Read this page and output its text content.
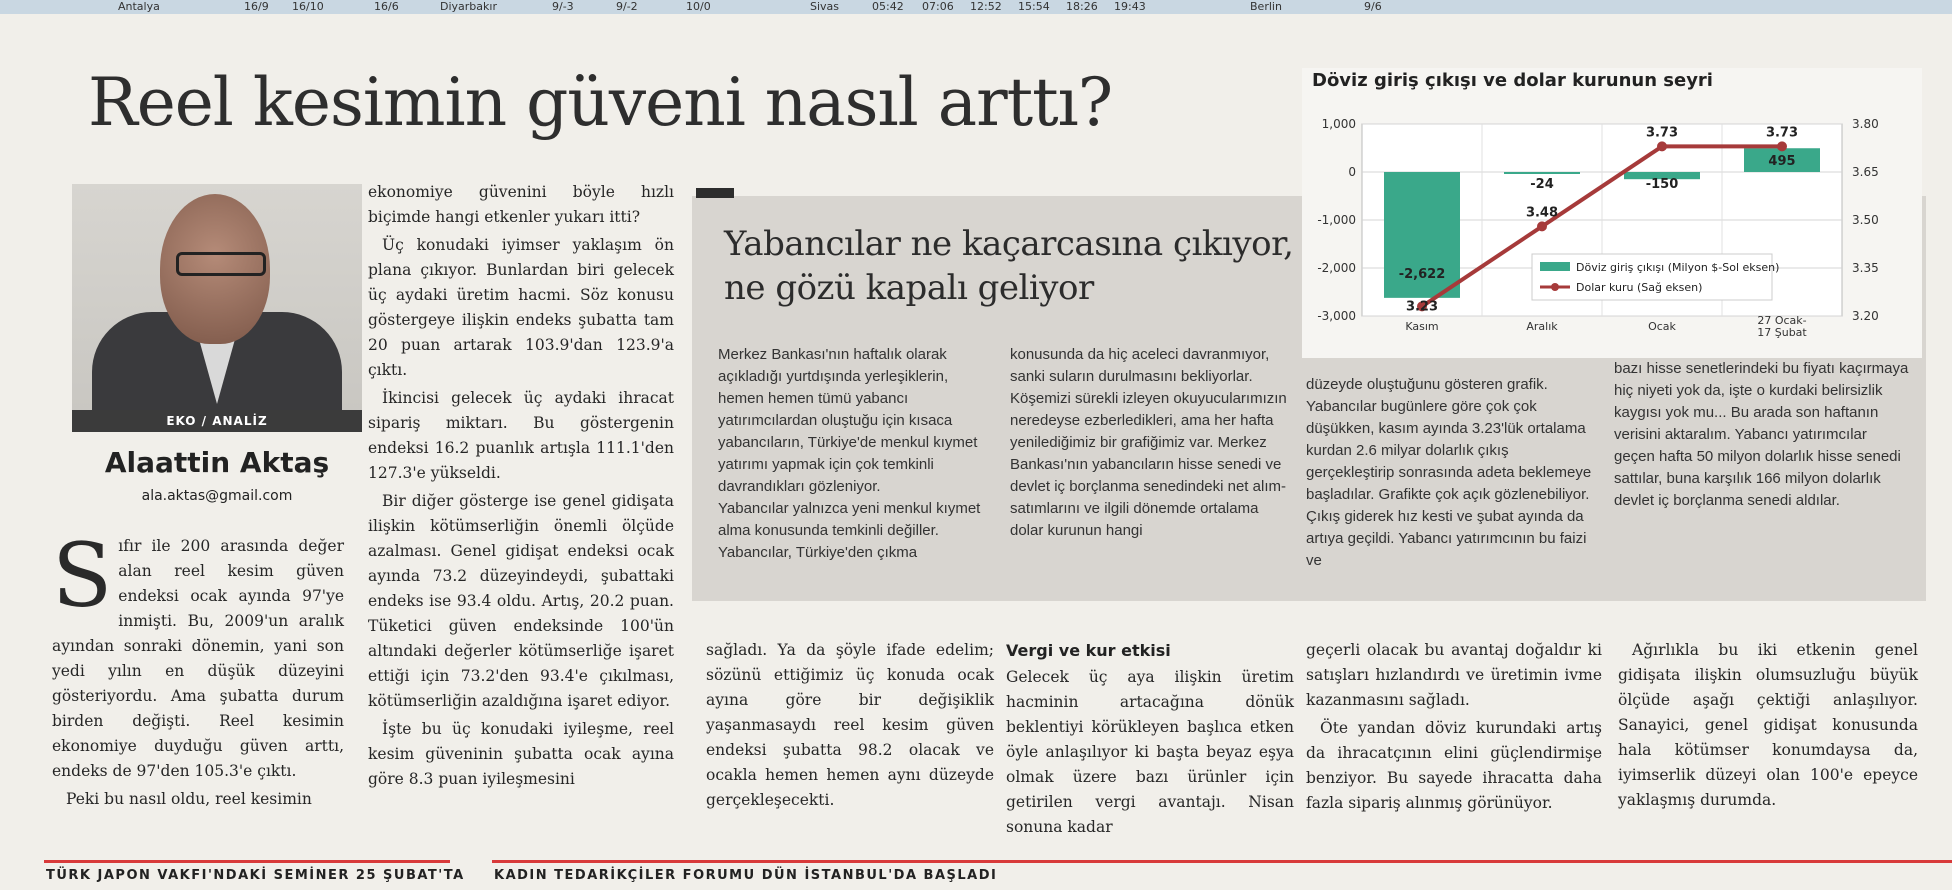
Antalya	16/9 16/10	16/6	Diyarbakır	9/-3	9/-2	10/0	Sivas	05:42 07:06 12:52 15:54 18:26 19:43	Berlin	9/6
Reel kesimin güveni nasıl arttı?
EKO / ANALİZ
Alaattin Aktaş
ala.aktas@gmail.com

Sıfır ile 200 arasında değer alan reel kesim güven endeksi ocak ayında 97'ye inmişti. Bu, 2009'un aralık ayından sonraki dönemin, yani son yedi yılın en düşük düzeyini gösteriyordu. Ama şubatta durum birden değişti. Reel kesimin ekonomiye duyduğu güven arttı, endeks de 97'den 105.3'e çıktı.

Peki bu nasıl oldu, reel kesimin

ekonomiye güvenini böyle hızlı biçimde hangi etkenler yukarı itti?

Üç konudaki iyimser yaklaşım ön plana çıkıyor. Bunlardan biri gelecek üç aydaki üretim hacmi. Söz konusu göstergeye ilişkin endeks şubatta tam 20 puan artarak 103.9'dan 123.9'a çıktı.

İkincisi gelecek üç aydaki ihracat sipariş miktarı. Bu göstergenin endeksi 16.2 puanlık artışla 111.1'den 127.3'e yükseldi.

Bir diğer gösterge ise genel gidişata ilişkin kötümserliğin önemli ölçüde azalması. Genel gidişat endeksi ocak ayında 73.2 düzeyindeydi, şubattaki endeks ise 93.4 oldu. Artış, 20.2 puan. Tüketici güven endeksinde 100'ün altındaki değerler kötümserliğe işaret ettiği için 73.2'den 93.4'e çıkılması, kötümserliğin azaldığına işaret ediyor.

İşte bu üç konudaki iyileşme, reel kesim güveninin şubatta ocak ayına göre 8.3 puan iyileşmesini

Yabancılar ne kaçarcasına çıkıyor, ne gözü kapalı geliyor

Merkez Bankası'nın haftalık olarak açıkladığı yurtdışında yerleşiklerin, hemen hemen tümü yabancı yatırımcılardan oluştuğu için kısaca yabancıların, Türkiye'de menkul kıymet yatırımı yapmak için çok temkinli davrandıkları gözleniyor.

Yabancılar yalnızca yeni menkul kıymet alma konusunda temkinli değiller. Yabancılar, Türkiye'den çıkma

konusunda da hiç aceleci davranmıyor, sanki suların durulmasını bekliyorlar. Köşemizi sürekli izleyen okuyucularımızın neredeyse ezberledikleri, ama her hafta yenilediğimiz bir grafiğimiz var. Merkez Bankası'nın yabancıların hisse senedi ve devlet iç borçlanma senedindeki net alım-satımlarını ve ilgili dönemde ortalama dolar kurunun hangi

düzeyde oluştuğunu gösteren grafik. Yabancılar bugünlere göre çok çok düşükken, kasım ayında 3.23'lük ortalama kurdan 2.6 milyar dolarlık çıkış gerçekleştirip sonrasında adeta beklemeye başladılar. Grafikte çok açık gözlenebiliyor. Çıkış giderek hız kesti ve şubat ayında da artıya geçildi. Yabancı yatırımcının bu faizi ve

bazı hisse senetlerindeki bu fiyatı kaçırmaya hiç niyeti yok da, işte o kurdaki belirsizlik kaygısı yok mu... Bu arada son haftanın verisini aktaralım. Yabancı yatırımcılar geçen hafta 50 milyon dolarlık hisse senedi sattılar, buna karşılık 166 milyon dolarlık devlet iç borçlanma senedi aldılar.

Döviz giriş çıkışı ve dolar kurunun seyri
1,000
0
-1,000
-2,000
-3,000
3.80
3.65
3.50
3.35
3.20
-2,622
-24	-150
495
3.23
3.48
3.73	3.73
Kasım	Aralık	Ocak	27 Ocak-
17 Şubat
Döviz giriş çıkışı (Milyon $-Sol eksen)
Dolar kuru (Sağ eksen)

sağladı. Ya da şöyle ifade edelim; sözünü ettiğimiz üç konuda ocak ayına göre bir değişiklik yaşanmasaydı reel kesim güven endeksi şubatta 98.2 olacak ve ocakla hemen hemen aynı düzeyde gerçekleşecekti.

Vergi ve kur etkisi

Gelecek üç aya ilişkin üretim hacminin artacağına dönük beklentiyi körükleyen başlıca etken öyle anlaşılıyor ki başta beyaz eşya olmak üzere bazı ürünler için getirilen vergi avantajı. Nisan sonuna kadar

geçerli olacak bu avantaj doğaldır ki satışları hızlandırdı ve üretimin ivme kazanmasını sağladı.

Öte yandan döviz kurundaki artış da ihracatçının elini güçlendirmişe benziyor. Bu sayede ihracatta daha fazla sipariş alınmış görünüyor.

Ağırlıkla bu iki etkenin genel gidişata ilişkin olumsuzluğu büyük ölçüde aşağı çektiği anlaşılıyor. Sanayici, genel gidişat konusunda hala kötümser konumdaysa da, iyimserlik düzeyi olan 100'e epeyce yaklaşmış durumda.

TÜRK JAPON VAKFI'NDAKİ SEMİNER 25 ŞUBAT'TA KADIN TEDARİKÇİLER FORUMU DÜN İSTANBUL'DA BAŞLADI
